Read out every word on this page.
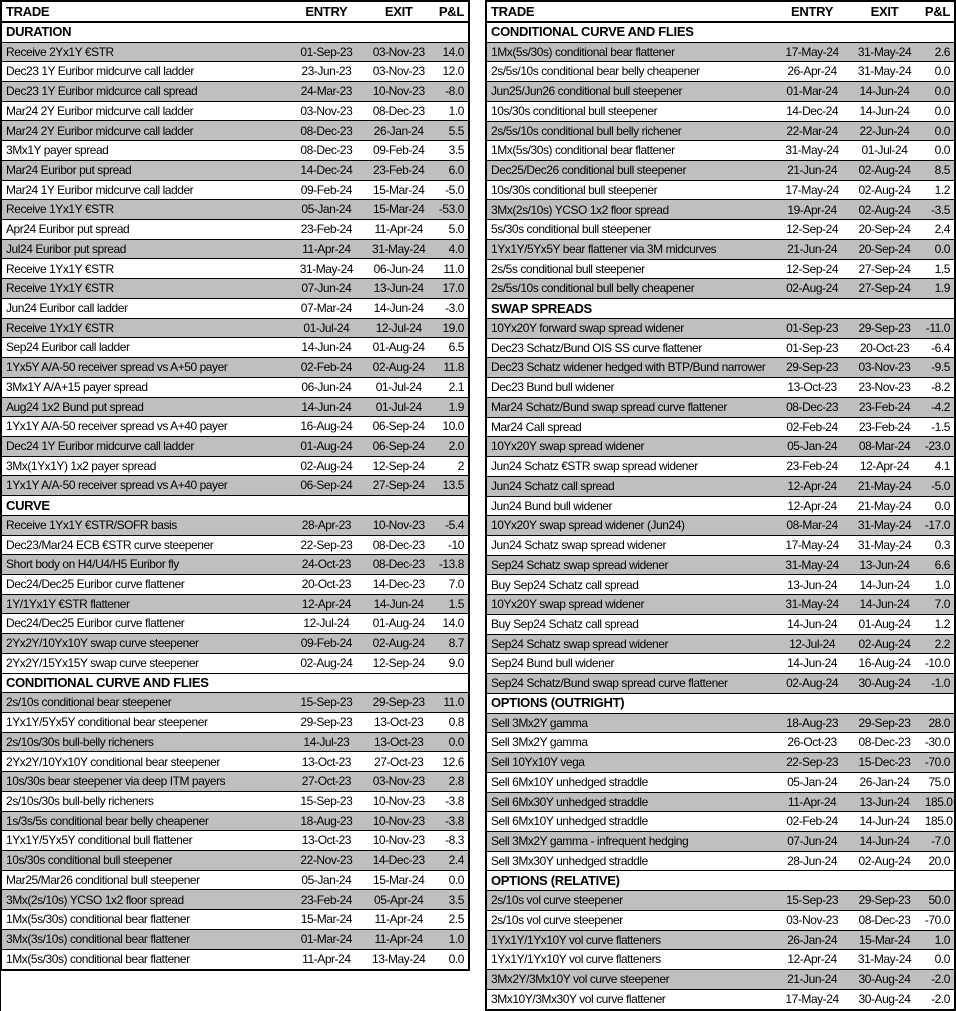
TRADE	ENTRY	EXIT	P&L
DURATION			
Receive 2Yx1Y €STR	01-Sep-23	03-Nov-23	14.0
Dec23 1Y Euribor midcurve call ladder	23-Jun-23	03-Nov-23	12.0
Dec23 1Y Euribor midcurce call spread	24-Mar-23	10-Nov-23	-8.0
Mar24 2Y Euribor midcurve call ladder	03-Nov-23	08-Dec-23	1.0
Mar24 2Y Euribor midcurve call ladder	08-Dec-23	26-Jan-24	5.5
3Mx1Y payer spread	08-Dec-23	09-Feb-24	3.5
Mar24 Euribor put spread	14-Dec-24	23-Feb-24	6.0
Mar24 1Y Euribor midcurve call ladder	09-Feb-24	15-Mar-24	-5.0
Receive 1Yx1Y €STR	05-Jan-24	15-Mar-24	-53.0
Apr24 Euribor put spread	23-Feb-24	11-Apr-24	5.0
Jul24 Euribor put spread	11-Apr-24	31-May-24	4.0
Receive 1Yx1Y €STR	31-May-24	06-Jun-24	11.0
Receive 1Yx1Y €STR	07-Jun-24	13-Jun-24	17.0
Jun24 Euribor call ladder	07-Mar-24	14-Jun-24	-3.0
Receive 1Yx1Y €STR	01-Jul-24	12-Jul-24	19.0
Sep24 Euribor call ladder	14-Jun-24	01-Aug-24	6.5
1Yx5Y A/A-50 receiver spread vs A+50 payer	02-Feb-24	02-Aug-24	11.8
3Mx1Y A/A+15 payer spread	06-Jun-24	01-Jul-24	2.1
Aug24 1x2 Bund put spread	14-Jun-24	01-Jul-24	1.9
1Yx1Y A/A-50 receiver spread vs A+40 payer	16-Aug-24	06-Sep-24	10.0
Dec24 1Y Euribor midcurve call ladder	01-Aug-24	06-Sep-24	2.0
3Mx(1Yx1Y) 1x2 payer spread	02-Aug-24	12-Sep-24	2
1Yx1Y A/A-50 receiver spread vs A+40 payer	06-Sep-24	27-Sep-24	13.5
CURVE			
Receive 1Yx1Y €STR/SOFR basis	28-Apr-23	10-Nov-23	-5.4
Dec23/Mar24 ECB €STR curve steepener	22-Sep-23	08-Dec-23	-10
Short body on H4/U4/H5 Euribor fly	24-Oct-23	08-Dec-23	-13.8
Dec24/Dec25 Euribor curve flattener	20-Oct-23	14-Dec-23	7.0
1Y/1Yx1Y €STR flattener	12-Apr-24	14-Jun-24	1.5
Dec24/Dec25 Euribor curve flattener	12-Jul-24	01-Aug-24	14.0
2Yx2Y/10Yx10Y swap curve steepener	09-Feb-24	02-Aug-24	8.7
2Yx2Y/15Yx15Y swap curve steepener	02-Aug-24	12-Sep-24	9.0
CONDITIONAL CURVE AND FLIES			
2s/10s conditional bear steepener	15-Sep-23	29-Sep-23	11.0
1Yx1Y/5Yx5Y conditional bear steepener	29-Sep-23	13-Oct-23	0.8
2s/10s/30s bull-belly richeners	14-Jul-23	13-Oct-23	0.0
2Yx2Y/10Yx10Y conditional bear steepener	13-Oct-23	27-Oct-23	12.6
10s/30s bear steepener via deep ITM payers	27-Oct-23	03-Nov-23	2.8
2s/10s/30s bull-belly richeners	15-Sep-23	10-Nov-23	-3.8
1s/3s/5s conditional bear belly cheapener	18-Aug-23	10-Nov-23	-3.8
1Yx1Y/5Yx5Y conditional bull flattener	13-Oct-23	10-Nov-23	-8.3
10s/30s conditional bull steepener	22-Nov-23	14-Dec-23	2.4
Mar25/Mar26 conditional bull steepener	05-Jan-24	15-Mar-24	0.0
3Mx(2s/10s) YCSO 1x2 floor spread	23-Feb-24	05-Apr-24	3.5
1Mx(5s/30s) conditional bear flattener	15-Mar-24	11-Apr-24	2.5
3Mx(3s/10s) conditional bear flattener	01-Mar-24	11-Apr-24	1.0
1Mx(5s/30s) conditional bear flattener	11-Apr-24	13-May-24	0.0
TRADE	ENTRY	EXIT	P&L
CONDITIONAL CURVE AND FLIES			
1Mx(5s/30s) conditional bear flattener	17-May-24	31-May-24	2.6
2s/5s/10s conditional bear belly cheapener	26-Apr-24	31-May-24	0.0
Jun25/Jun26 conditional bull steepener	01-Mar-24	14-Jun-24	0.0
10s/30s conditional bull steepener	14-Dec-24	14-Jun-24	0.0
2s/5s/10s conditional bull belly richener	22-Mar-24	22-Jun-24	0.0
1Mx(5s/30s) conditional bear flattener	31-May-24	01-Jul-24	0.0
Dec25/Dec26 conditional bull steepener	21-Jun-24	02-Aug-24	8.5
10s/30s conditional bull steepener	17-May-24	02-Aug-24	1.2
3Mx(2s/10s) YCSO 1x2 floor spread	19-Apr-24	02-Aug-24	-3.5
5s/30s conditional bull steepener	12-Sep-24	20-Sep-24	2.4
1Yx1Y/5Yx5Y bear flattener via 3M midcurves	21-Jun-24	20-Sep-24	0.0
2s/5s conditional bull steepener	12-Sep-24	27-Sep-24	1.5
2s/5s/10s conditional bull belly cheapener	02-Aug-24	27-Sep-24	1.9
SWAP SPREADS			
10Yx20Y forward swap spread widener	01-Sep-23	29-Sep-23	-11.0
Dec23 Schatz/Bund OIS SS curve flattener	01-Sep-23	20-Oct-23	-6.4
Dec23 Schatz widener hedged with BTP/Bund narrower	29-Sep-23	03-Nov-23	-9.5
Dec23 Bund bull widener	13-Oct-23	23-Nov-23	-8.2
Mar24 Schatz/Bund swap spread curve flattener	08-Dec-23	23-Feb-24	-4.2
Mar24 Call spread	02-Feb-24	23-Feb-24	-1.5
10Yx20Y swap spread widener	05-Jan-24	08-Mar-24	-23.0
Jun24 Schatz €STR swap spread widener	23-Feb-24	12-Apr-24	4.1
Jun24 Schatz call spread	12-Apr-24	21-May-24	-5.0
Jun24 Bund bull widener	12-Apr-24	21-May-24	0.0
10Yx20Y swap spread widener (Jun24)	08-Mar-24	31-May-24	-17.0
Jun24 Schatz swap spread widener	17-May-24	31-May-24	0.3
Sep24 Schatz swap spread widener	31-May-24	13-Jun-24	6.6
Buy Sep24 Schatz call spread	13-Jun-24	14-Jun-24	1.0
10Yx20Y swap spread widener	31-May-24	14-Jun-24	7.0
Buy Sep24 Schatz call spread	14-Jun-24	01-Aug-24	1.2
Sep24 Schatz swap spread widener	12-Jul-24	02-Aug-24	2.2
Sep24 Bund bull widener	14-Jun-24	16-Aug-24	-10.0
Sep24 Schatz/Bund swap spread curve flattener	02-Aug-24	30-Aug-24	-1.0
OPTIONS (OUTRIGHT)			
Sell 3Mx2Y gamma	18-Aug-23	29-Sep-23	28.0
Sell 3Mx2Y gamma	26-Oct-23	08-Dec-23	-30.0
Sell 10Yx10Y vega	22-Sep-23	15-Dec-23	-70.0
Sell 6Mx10Y unhedged straddle	05-Jan-24	26-Jan-24	75.0
Sell 6Mx30Y unhedged straddle	11-Apr-24	13-Jun-24	185.0
Sell 6Mx10Y unhedged straddle	02-Feb-24	14-Jun-24	185.0
Sell 3Mx2Y gamma - infrequent hedging	07-Jun-24	14-Jun-24	-7.0
Sell 3Mx30Y unhedged straddle	28-Jun-24	02-Aug-24	20.0
OPTIONS (RELATIVE)			
2s/10s vol curve steepener	15-Sep-23	29-Sep-23	50.0
2s/10s vol curve steepener	03-Nov-23	08-Dec-23	-70.0
1Yx1Y/1Yx10Y vol curve flatteners	26-Jan-24	15-Mar-24	1.0
1Yx1Y/1Yx10Y vol curve flatteners	12-Apr-24	31-May-24	0.0
3Mx2Y/3Mx10Y vol curve steepener	21-Jun-24	30-Aug-24	-2.0
3Mx10Y/3Mx30Y vol curve flattener	17-May-24	30-Aug-24	-2.0
